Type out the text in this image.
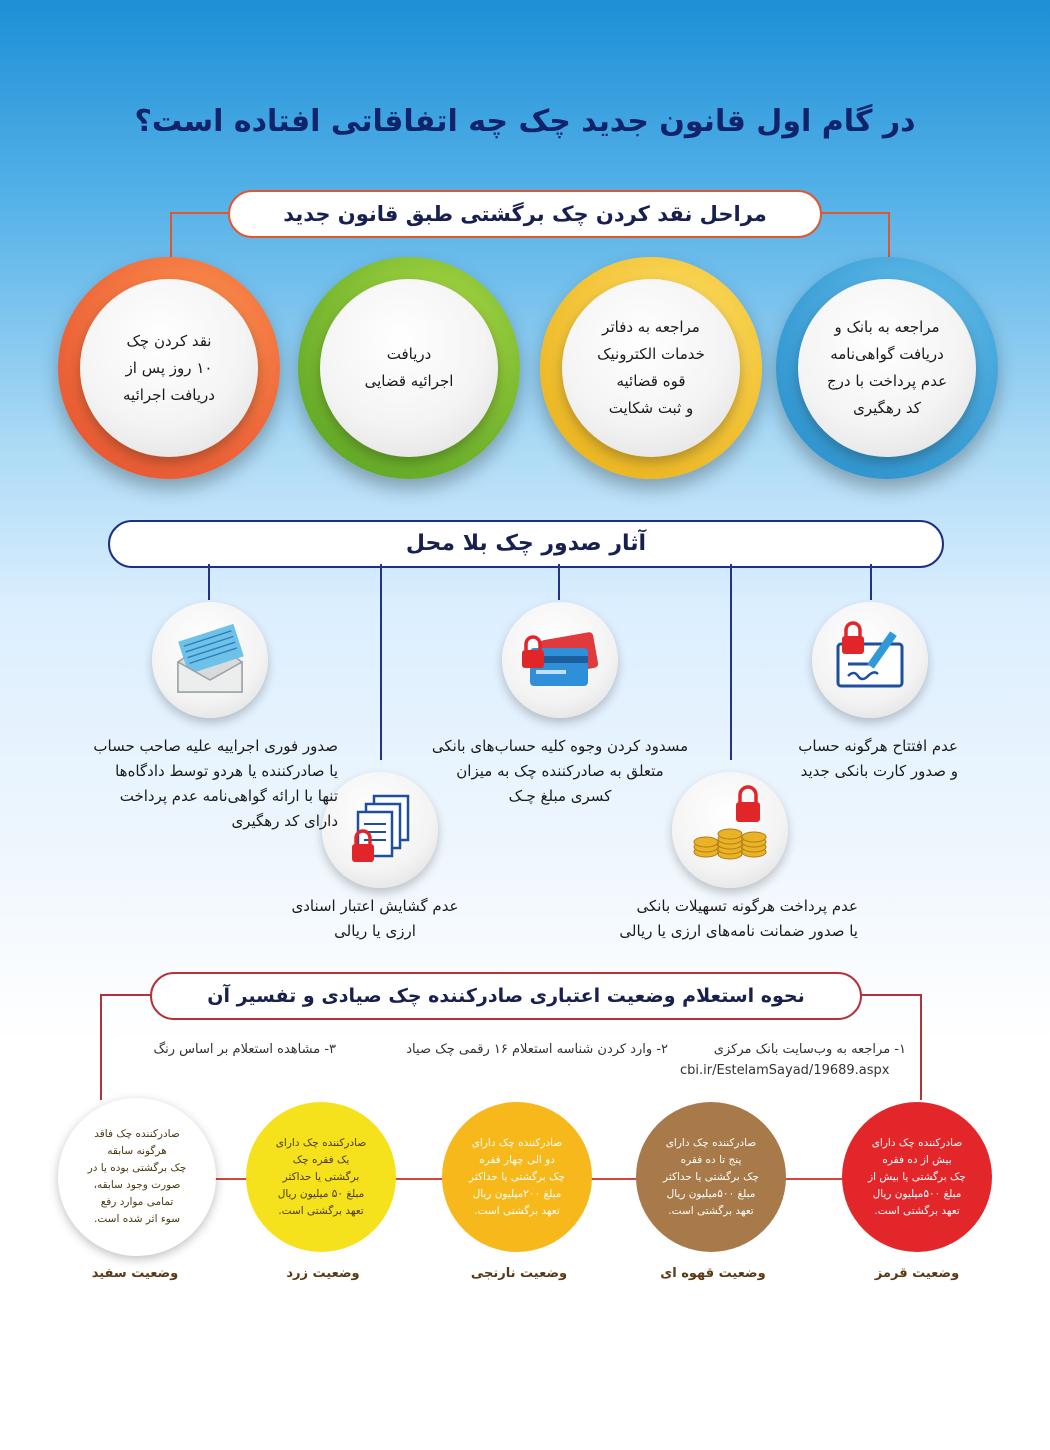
در گام اول قانون جدید چک چه اتفاقاتی افتاده است؟
مراحل نقد کردن چک برگشتی طبق قانون جدید
مراجعه به بانک و
دریافت گواهی‌نامه
عدم پرداخت با درج
کد رهگیری
مراجعه به دفاتر
خدمات الکترونیک
قوه قضائیه
و ثبت شکایت
دریافت
اجرائیه قضایی
نقد کردن چک
۱۰ روز پس از
دریافت اجرائیه
آثار صدور چک بلا محل
عدم افتتاح هرگونه حساب
و صدور کارت بانکی جدید
مسدود کردن وجوه کلیه حساب‌های بانکی
متعلق به صادرکننده چک به میزان
کسری مبلغ چـک
صدور فوری اجراییه علیه صاحب حساب
یا صادرکننده یا هردو توسط دادگاه‌ها
تنها با ارائه گواهی‌نامه عدم پرداخت
دارای کد رهگیری
عدم پرداخت هرگونه تسهیلات بانکی
یا صدور ضمانت نامه‌های ارزی یا ریالی
عدم گشایش اعتبار اسنادی
ارزی یا ریالی
نحوه استعلام وضعیت اعتباری صادرکننده چک صیادی و تفسیر آن
۱- مراجعه به وب‌سایت بانک مرکزی
۲- وارد کردن شناسه استعلام ۱۶ رقمی چک صیاد
۳- مشاهده استعلام بر اساس رنگ
cbi.ir/EstelamSayad/19689.aspx
صادرکننده چک دارای
بیش از ده فقره
چک برگشتی یا بیش از
مبلغ ۵۰۰میلیون ریال
تعهد برگشتی است.
صادرکننده چک دارای
پنج تا ده فقره
چک برگشتی یا حداکثر
مبلغ ۵۰۰میلیون ریال
تعهد برگشتی است.
صادرکننده چک دارای
دو الی چهار فقره
چک برگشتی یا حداکثر
مبلغ ۲۰۰میلیون ریال
تعهد برگشتی است.
صادرکننده چک دارای
یک فقره چک
برگشتی یا حداکثر
مبلغ ۵۰ میلیون ریال
تعهد برگشتی است.
صادرکننده چک فاقد
هرگونه سابقه
چک برگشتی بوده یا در
صورت وجود سابقه،
تمامی موارد رفع
سوء اثر شده است.
وضعیت قرمز
وضعیت قهوه ای
وضعیت نارنجی
وضعیت زرد
وضعیت سفید
